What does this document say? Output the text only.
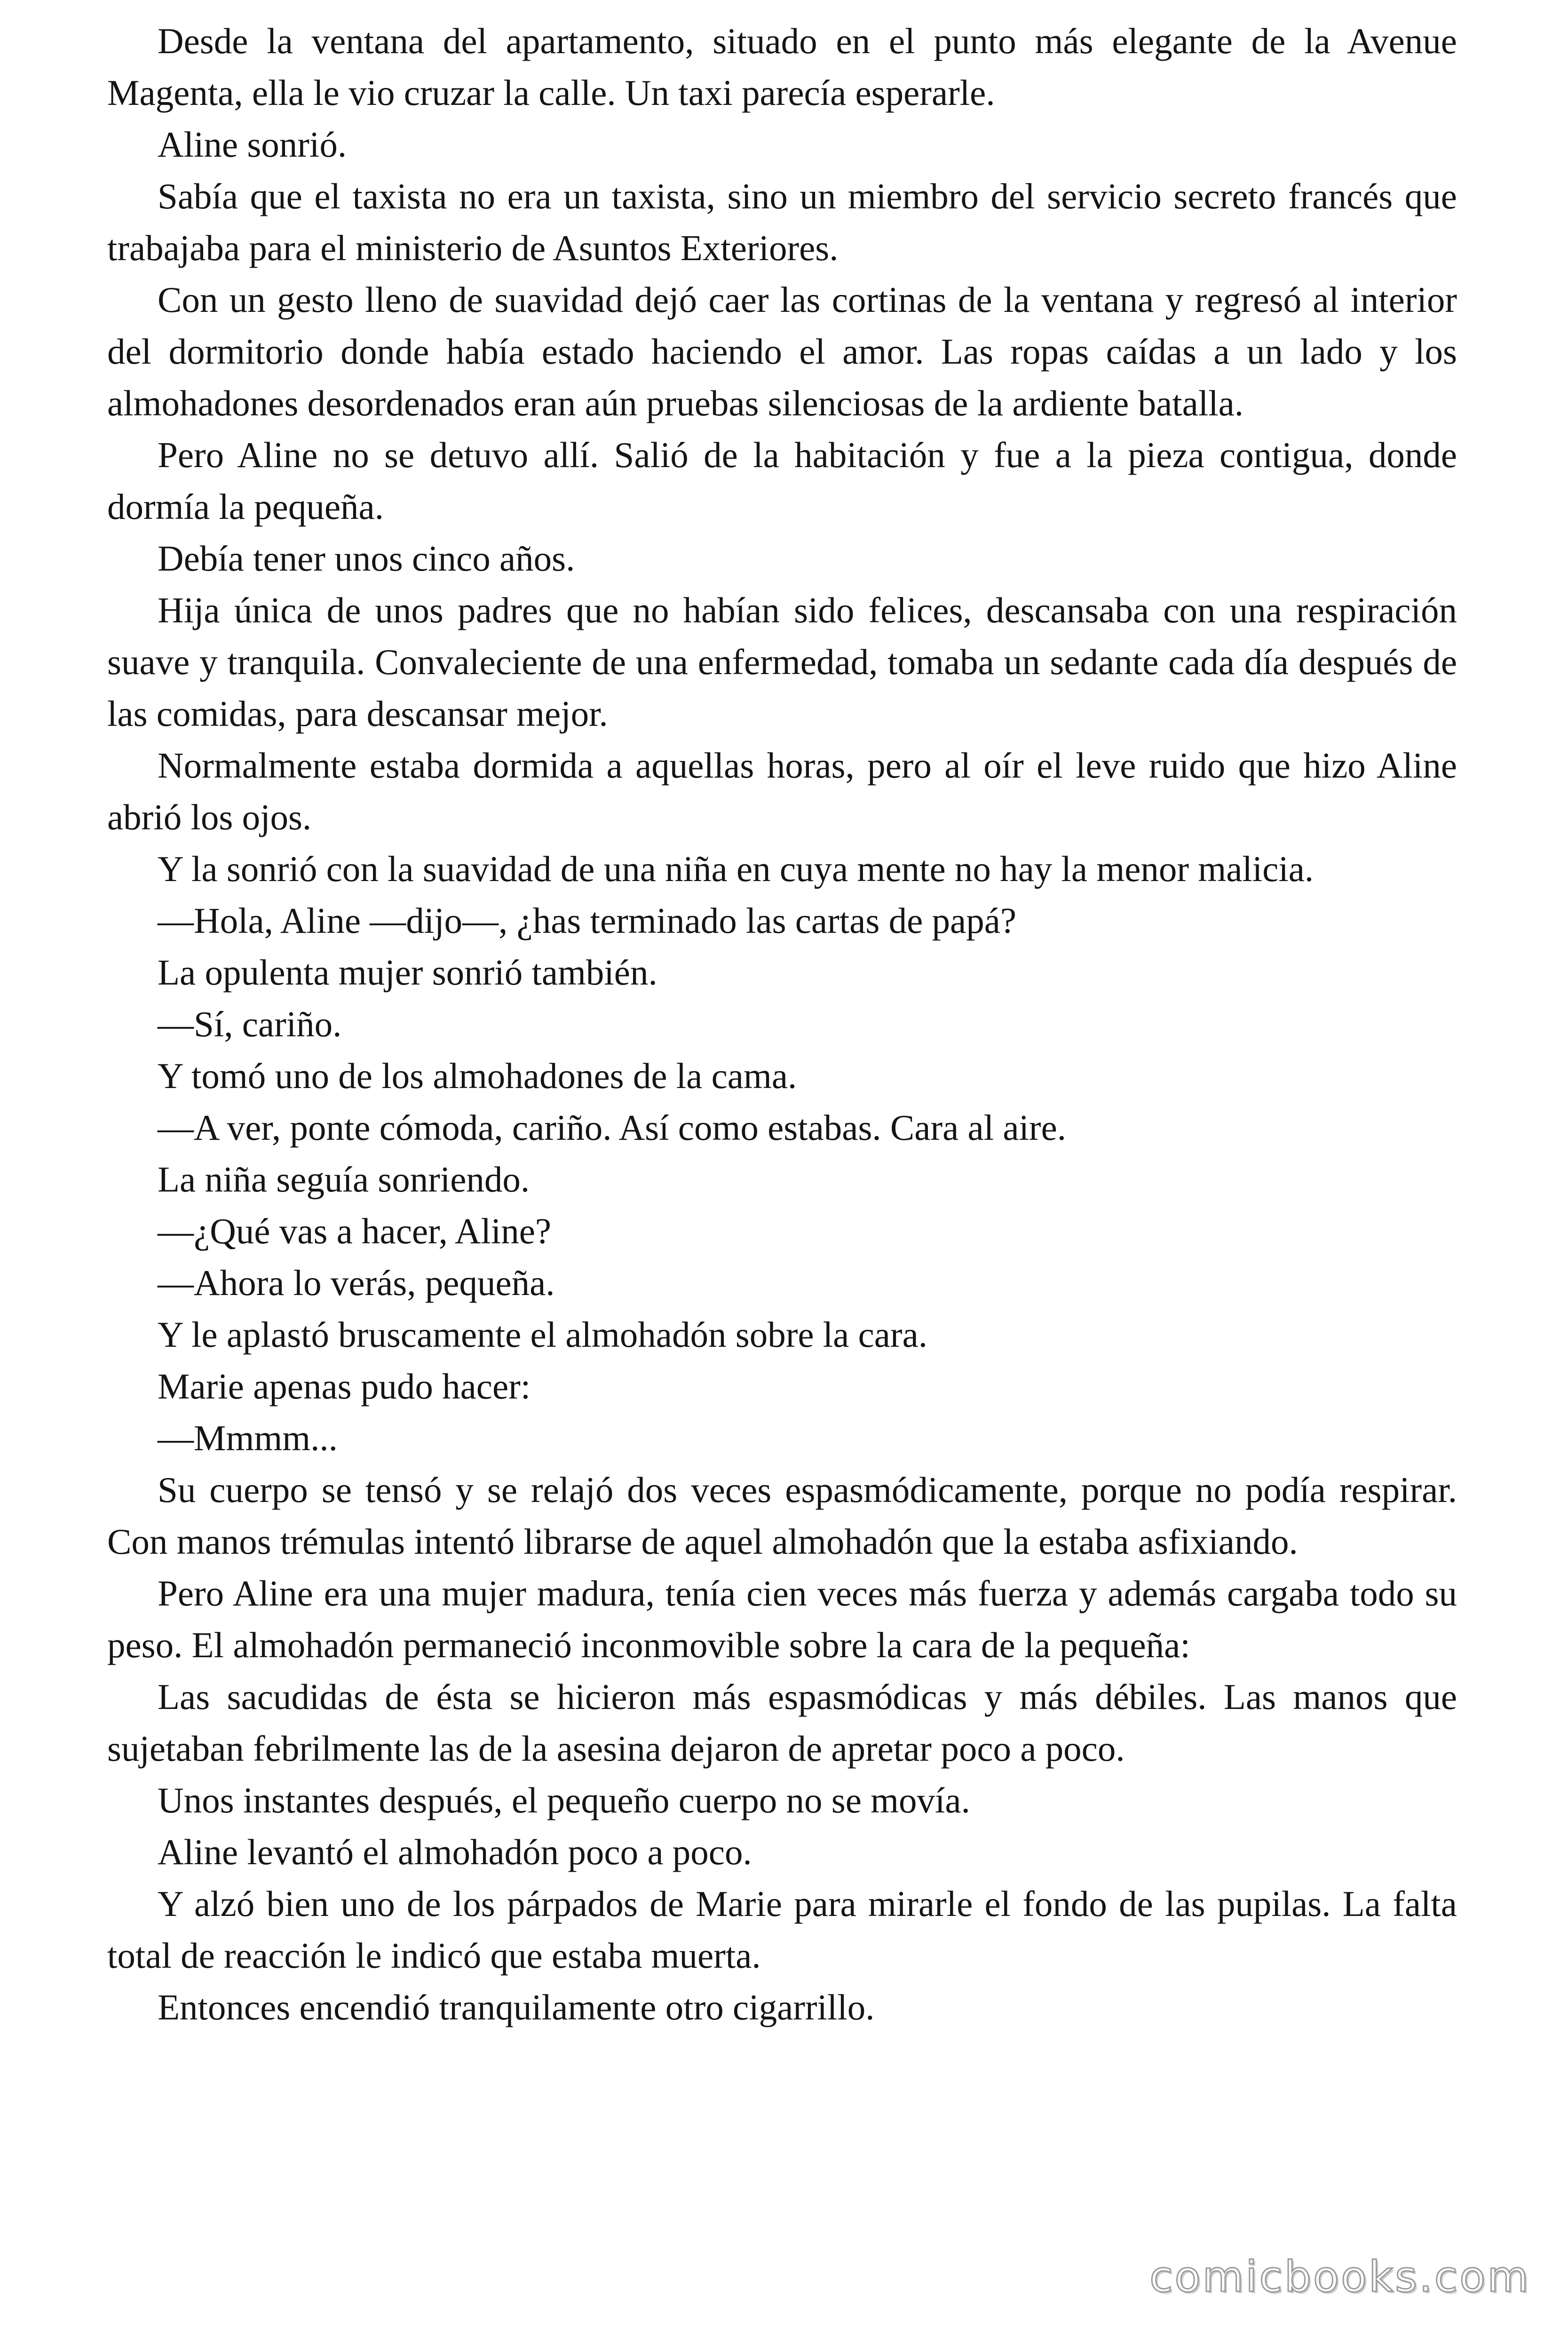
Desde la ventana del apartamento, situado en el punto más elegante de la Avenue Magenta, ella le vio cruzar la calle. Un taxi parecía esperarle.

Aline sonrió.

Sabía que el taxista no era un taxista, sino un miembro del servicio secreto francés que trabajaba para el ministerio de Asuntos Exteriores.

Con un gesto lleno de suavidad dejó caer las cortinas de la ventana y regresó al interior del dormitorio donde había estado haciendo el amor. Las ropas caídas a un lado y los almohadones desordenados eran aún pruebas silenciosas de la ardiente batalla.

Pero Aline no se detuvo allí. Salió de la habitación y fue a la pieza contigua, donde dormía la pequeña.

Debía tener unos cinco años.

Hija única de unos padres que no habían sido felices, descansaba con una respiración suave y tranquila. Convaleciente de una enfermedad, tomaba un sedante cada día después de las comidas, para descansar mejor.

Normalmente estaba dormida a aquellas horas, pero al oír el leve ruido que hizo Aline abrió los ojos.

Y la sonrió con la suavidad de una niña en cuya mente no hay la menor malicia.

—Hola, Aline —dijo—, ¿has terminado las cartas de papá?

La opulenta mujer sonrió también.

—Sí, cariño.

Y tomó uno de los almohadones de la cama.

—A ver, ponte cómoda, cariño. Así como estabas. Cara al aire.

La niña seguía sonriendo.

—¿Qué vas a hacer, Aline?

—Ahora lo verás, pequeña.

Y le aplastó bruscamente el almohadón sobre la cara.

Marie apenas pudo hacer:

—Mmmm...

Su cuerpo se tensó y se relajó dos veces espasmódicamente, porque no podía respirar. Con manos trémulas intentó librarse de aquel almohadón que la estaba asfixiando.

Pero Aline era una mujer madura, tenía cien veces más fuerza y además cargaba todo su peso. El almohadón permaneció inconmovible sobre la cara de la pequeña:

Las sacudidas de ésta se hicieron más espasmódicas y más débiles. Las manos que sujetaban febrilmente las de la asesina dejaron de apretar poco a poco.

Unos instantes después, el pequeño cuerpo no se movía.

Aline levantó el almohadón poco a poco.

Y alzó bien uno de los párpados de Marie para mirarle el fondo de las pupilas. La falta total de reacción le indicó que estaba muerta.

Entonces encendió tranquilamente otro cigarrillo.

comicbooks.com
